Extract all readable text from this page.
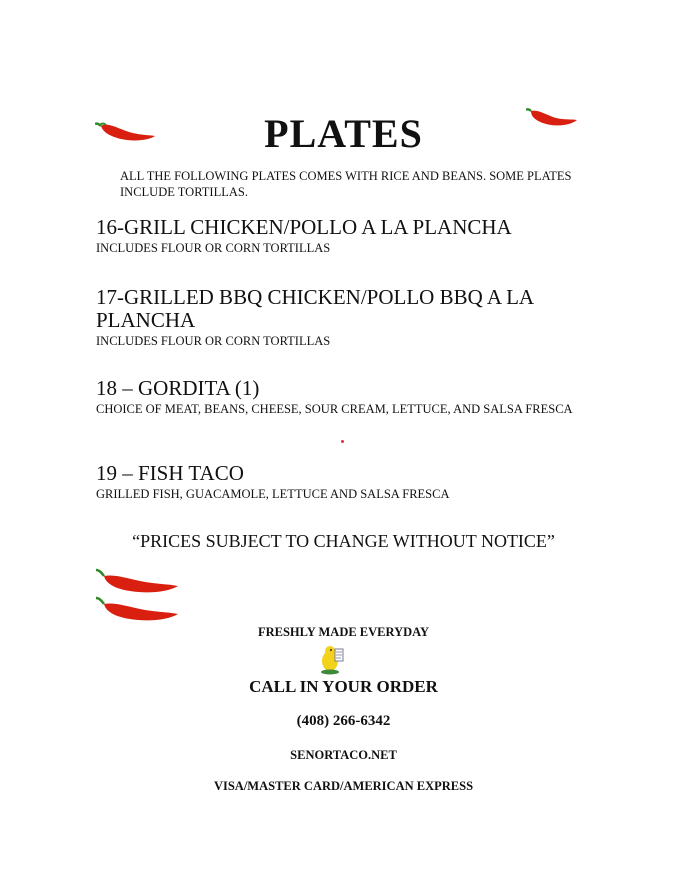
PLATES
ALL THE FOLLOWING PLATES COMES WITH RICE AND BEANS. SOME PLATES INCLUDE TORTILLAS.
16-GRILL CHICKEN/POLLO A LA PLANCHA
INCLUDES FLOUR OR CORN TORTILLAS
17-GRILLED BBQ CHICKEN/POLLO BBQ A LA PLANCHA
INCLUDES FLOUR OR CORN TORTILLAS
18 – GORDITA (1)
CHOICE OF MEAT, BEANS, CHEESE, SOUR CREAM, LETTUCE, AND SALSA FRESCA
19 – FISH TACO
GRILLED FISH, GUACAMOLE, LETTUCE AND SALSA FRESCA
“PRICES SUBJECT TO CHANGE WITHOUT NOTICE”
FRESHLY MADE EVERYDAY
CALL IN YOUR ORDER
(408) 266-6342
SENORTACO.NET
VISA/MASTER CARD/AMERICAN EXPRESS
